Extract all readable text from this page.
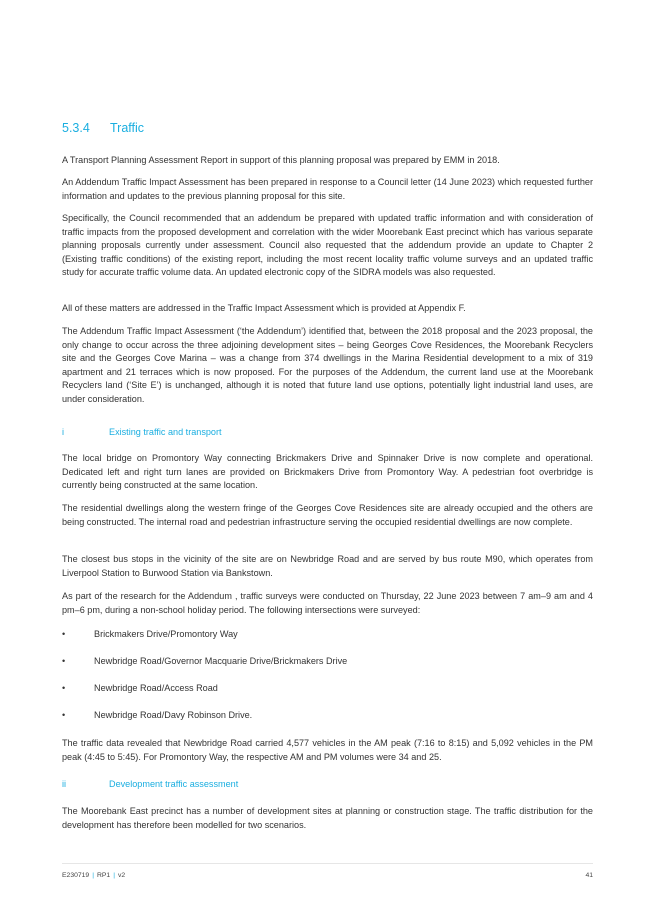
5.3.4	Traffic

A Transport Planning Assessment Report in support of this planning proposal was prepared by EMM in 2018.

An Addendum Traffic Impact Assessment has been prepared in response to a Council letter (14 June 2023) which requested further information and updates to the previous planning proposal for this site.

Specifically, the Council recommended that an addendum be prepared with updated traffic information and with consideration of traffic impacts from the proposed development and correlation with the wider Moorebank East precinct which has various separate planning proposals currently under assessment. Council also requested that the addendum provide an update to Chapter 2 (Existing traffic conditions) of the existing report, including the most recent locality traffic volume surveys and an updated traffic study for accurate traffic volume data. An updated electronic copy of the SIDRA models was also requested.

All of these matters are addressed in the Traffic Impact Assessment which is provided at Appendix F.

The Addendum Traffic Impact Assessment (‘the Addendum’) identified that, between the 2018 proposal and the 2023 proposal, the only change to occur across the three adjoining development sites – being Georges Cove Residences, the Moorebank Recyclers site and the Georges Cove Marina – was a change from 374 dwellings in the Marina Residential development to a mix of 319 apartment and 21 terraces which is now proposed. For the purposes of the Addendum, the current land use at the Moorebank Recyclers land (‘Site E’) is unchanged, although it is noted that future land use options, potentially light industrial land uses, are under consideration.

i	Existing traffic and transport

The local bridge on Promontory Way connecting Brickmakers Drive and Spinnaker Drive is now complete and operational. Dedicated left and right turn lanes are provided on Brickmakers Drive from Promontory Way. A pedestrian foot overbridge is currently being constructed at the same location.

The residential dwellings along the western fringe of the Georges Cove Residences site are already occupied and the others are being constructed. The internal road and pedestrian infrastructure serving the occupied residential dwellings are now complete.

The closest bus stops in the vicinity of the site are on Newbridge Road and are served by bus route M90, which operates from Liverpool Station to Burwood Station via Bankstown.

As part of the research for the Addendum , traffic surveys were conducted on Thursday, 22 June 2023 between 7 am–9 am and 4 pm–6 pm, during a non-school holiday period. The following intersections were surveyed:

•	Brickmakers Drive/Promontory Way
•	Newbridge Road/Governor Macquarie Drive/Brickmakers Drive
•	Newbridge Road/Access Road
•	Newbridge Road/Davy Robinson Drive.

The traffic data revealed that Newbridge Road carried 4,577 vehicles in the AM peak (7:16 to 8:15) and 5,092 vehicles in the PM peak (4:45 to 5:45). For Promontory Way, the respective AM and PM volumes were 34 and 25.

ii	Development traffic assessment

The Moorebank East precinct has a number of development sites at planning or construction stage. The traffic distribution for the development has therefore been modelled for two scenarios.

E230719 | RP1 | v2	41
